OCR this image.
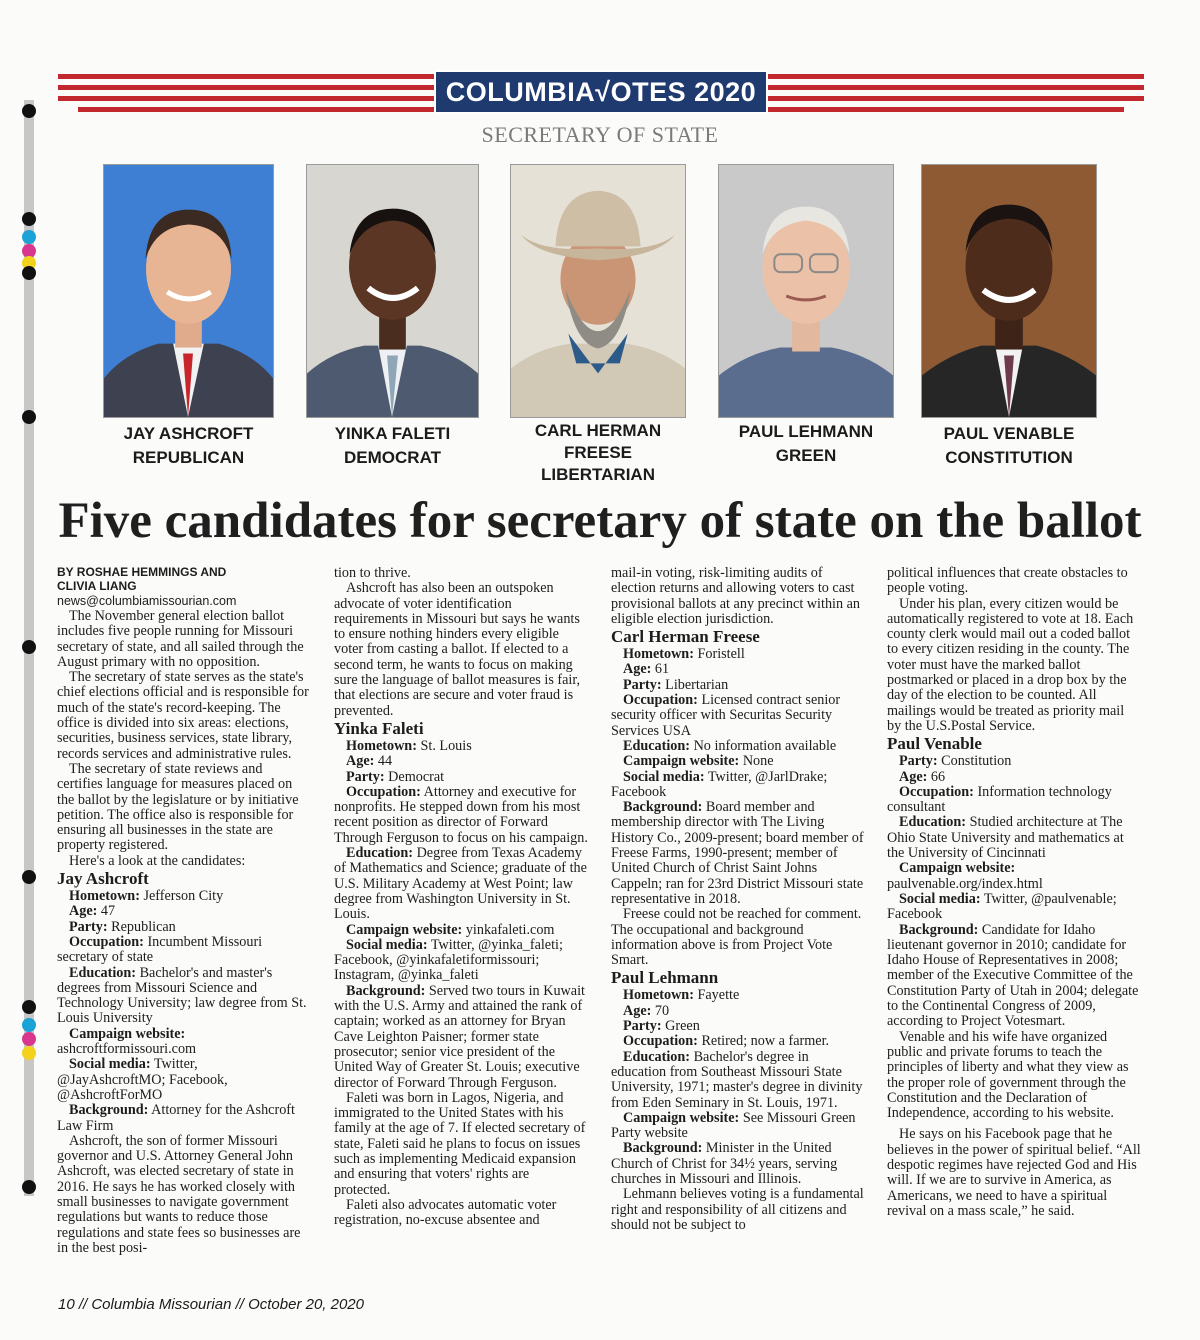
COLUMBIA√OTES 2020
SECRETARY OF STATE
JAY ASHCROFT
REPUBLICAN
YINKA FALETI
DEMOCRAT
CARL HERMAN
FREESE
LIBERTARIAN
PAUL LEHMANN
GREEN
PAUL VENABLE
CONSTITUTION
Five candidates for secretary of state on the ballot

BY ROSHAE HEMMINGS AND

CLIVIA LIANG

news@columbiamissourian.com

The November general election ballot includes five people running for Missouri secretary of state, and all sailed through the August primary with no opposition.

The secretary of state serves as the state's chief elections official and is responsible for much of the state's record-keeping. The office is divided into six areas: elections, securities, business services, state library, records services and administrative rules.

The secretary of state reviews and certifies language for measures placed on the ballot by the legislature or by initiative petition. The office also is responsible for ensuring all businesses in the state are property registered.

Here's a look at the candidates:

Jay Ashcroft

Hometown: Jefferson City

Age: 47

Party: Republican

Occupation: Incumbent Missouri secretary of state

Education: Bachelor's and master's degrees from Missouri Science and Technology University; law degree from St. Louis University

Campaign website: ashcroftformissouri.com

Social media: Twitter, @JayAshcroftMO; Facebook, @AshcroftForMO

Background: Attorney for the Ashcroft Law Firm

Ashcroft, the son of former Missouri governor and U.S. Attorney General John Ashcroft, was elected secretary of state in 2016. He says he has worked closely with small businesses to navigate government regulations but wants to reduce those regulations and state fees so businesses are in the best posi-

tion to thrive.

Ashcroft has also been an outspoken advocate of voter identification requirements in Missouri but says he wants to ensure nothing hinders every eligible voter from casting a ballot. If elected to a second term, he wants to focus on making sure the language of ballot measures is fair, that elections are secure and voter fraud is prevented.

Yinka Faleti

Hometown: St. Louis

Age: 44

Party: Democrat

Occupation: Attorney and executive for nonprofits. He stepped down from his most recent position as director of Forward Through Ferguson to focus on his campaign.

Education: Degree from Texas Academy of Mathematics and Science; graduate of the U.S. Military Academy at West Point; law degree from Washington University in St. Louis.

Campaign website: yinkafaleti.com

Social media: Twitter, @yinka_faleti; Facebook, @yinkafaletiformissouri; Instagram, @yinka_faleti

Background: Served two tours in Kuwait with the U.S. Army and attained the rank of captain; worked as an attorney for Bryan Cave Leighton Paisner; former state prosecutor; senior vice president of the United Way of Greater St. Louis; executive director of Forward Through Ferguson.

Faleti was born in Lagos, Nigeria, and immigrated to the United States with his family at the age of 7. If elected secretary of state, Faleti said he plans to focus on issues such as implementing Medicaid expansion and ensuring that voters' rights are protected.

Faleti also advocates automatic voter registration, no-excuse absentee and

mail-in voting, risk-limiting audits of election returns and allowing voters to cast provisional ballots at any precinct within an eligible election jurisdiction.

Carl Herman Freese

Hometown: Foristell

Age: 61

Party: Libertarian

Occupation: Licensed contract senior security officer with Securitas Security Services USA

Education: No information available

Campaign website: None

Social media: Twitter, @JarlDrake; Facebook

Background: Board member and membership director with The Living History Co., 2009-present; board member of Freese Farms, 1990-present; member of United Church of Christ Saint Johns Cappeln; ran for 23rd District Missouri state representative in 2018.

Freese could not be reached for comment. The occupational and background information above is from Project Vote Smart.

Paul Lehmann

Hometown: Fayette

Age: 70

Party: Green

Occupation: Retired; now a farmer.

Education: Bachelor's degree in education from Southeast Missouri State University, 1971; master's degree in divinity from Eden Seminary in St. Louis, 1971.

Campaign website: See Missouri Green Party website

Background: Minister in the United Church of Christ for 34½ years, serving churches in Missouri and Illinois.

Lehmann believes voting is a fundamental right and responsibility of all citizens and should not be subject to

political influences that create obstacles to people voting.

Under his plan, every citizen would be automatically registered to vote at 18. Each county clerk would mail out a coded ballot to every citizen residing in the county. The voter must have the marked ballot postmarked or placed in a drop box by the day of the election to be counted. All mailings would be treated as priority mail by the U.S.Postal Service.

Paul Venable

Party: Constitution

Age: 66

Occupation: Information technology consultant

Education: Studied architecture at The Ohio State University and mathematics at the University of Cincinnati

Campaign website: paulvenable.org/index.html

Social media: Twitter, @paulvenable; Facebook

Background: Candidate for Idaho lieutenant governor in 2010; candidate for Idaho House of Representatives in 2008; member of the Executive Committee of the Constitution Party of Utah in 2004; delegate to the Continental Congress of 2009, according to Project Votesmart.

Venable and his wife have organized public and private forums to teach the principles of liberty and what they view as the proper role of government through the Constitution and the Declaration of Independence, according to his website.

He says on his Facebook page that he believes in the power of spiritual belief. “All despotic regimes have rejected God and His will. If we are to survive in America, as Americans, we need to have a spiritual revival on a mass scale,” he said.

10 // Columbia Missourian // October 20, 2020
